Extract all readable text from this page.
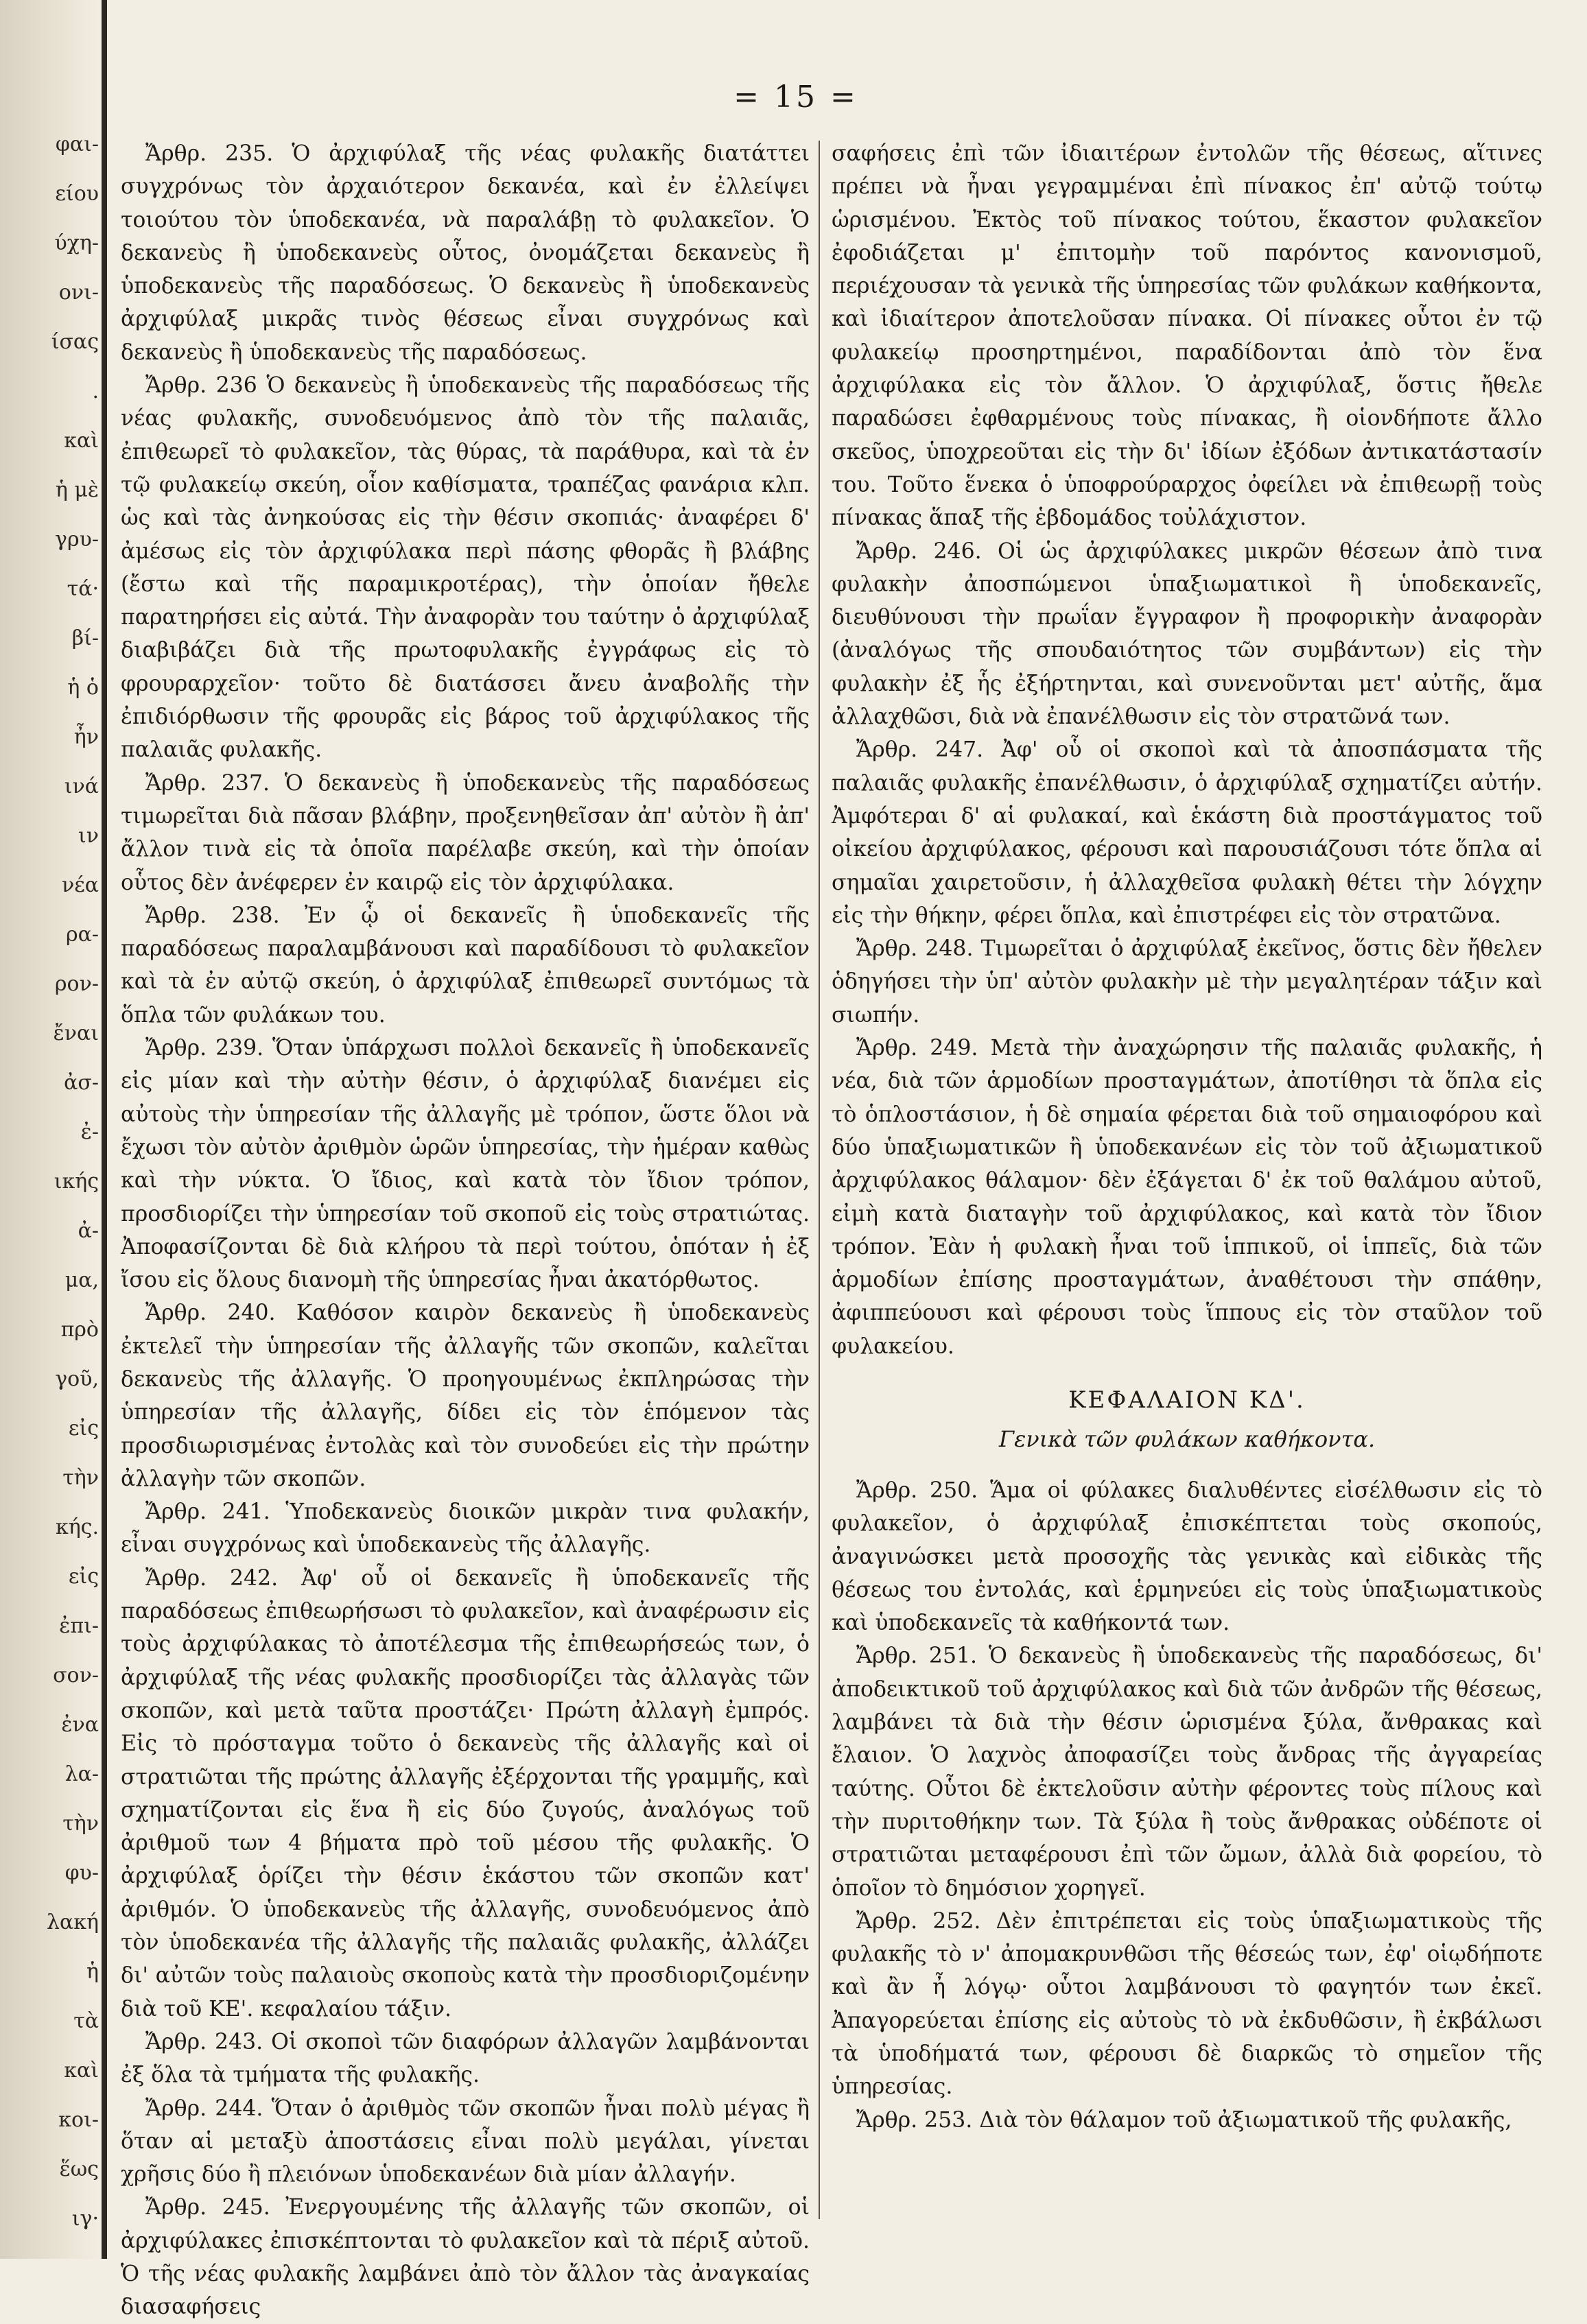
φαι-
είου
ύχη-
ονι-
ίσας
.
καὶ
ἡ μὲ
γρυ-
τά·
βί-
ἡ ὁ
ἦν
ινά
ιν
νέα
ρα-
ρον-
ἔναι
ἀσ-
ἐ-
ικής
ἀ-
μα,
πρὸ
γοῦ,
εἰς
τὴν
κής.
εἰς
ἐπι-
σον-
ἐνα
λα-
τὴν
φυ-
λακή
ἡ
τὰ
καὶ
κοι-
ἕως
ιγ·
= 15 =

Ἄρθρ. 235. Ὁ ἀρχιφύλαξ τῆς νέας φυλακῆς διατάττει συγχρόνως τὸν ἀρχαιότερον δεκανέα, καὶ ἐν ἐλλείψει τοιούτου τὸν ὑποδεκανέα, νὰ παραλάβῃ τὸ φυλακεῖον. Ὁ δεκανεὺς ἢ ὑποδεκανεὺς οὗτος, ὀνομάζεται δεκανεὺς ἢ ὑποδεκανεὺς τῆς παραδόσεως. Ὁ δεκανεὺς ἢ ὑποδεκανεὺς ἀρχιφύλαξ μικρᾶς τινὸς θέσεως εἶναι συγχρόνως καὶ δεκανεὺς ἢ ὑποδεκανεὺς τῆς παραδόσεως.

Ἄρθρ. 236 Ὁ δεκανεὺς ἢ ὑποδεκανεὺς τῆς παραδόσεως τῆς νέας φυλακῆς, συνοδευόμενος ἀπὸ τὸν τῆς παλαιᾶς, ἐπιθεωρεῖ τὸ φυλακεῖον, τὰς θύρας, τὰ παράθυρα, καὶ τὰ ἐν τῷ φυλακείῳ σκεύη, οἷον καθίσματα, τραπέζας φανάρια κλπ. ὡς καὶ τὰς ἀνηκούσας εἰς τὴν θέσιν σκοπιάς· ἀναφέρει δ' ἀμέσως εἰς τὸν ἀρχιφύλακα περὶ πάσης φθορᾶς ἢ βλάβης (ἔστω καὶ τῆς παραμικροτέρας), τὴν ὁποίαν ἤθελε παρατηρήσει εἰς αὐτά. Τὴν ἀναφορὰν του ταύτην ὁ ἀρχιφύλαξ διαβιβάζει διὰ τῆς πρωτοφυλακῆς ἐγγράφως εἰς τὸ φρουραρχεῖον· τοῦτο δὲ διατάσσει ἄνευ ἀναβολῆς τὴν ἐπιδιόρθωσιν τῆς φρουρᾶς εἰς βάρος τοῦ ἀρχιφύλακος τῆς παλαιᾶς φυλακῆς.

Ἄρθρ. 237. Ὁ δεκανεὺς ἢ ὑποδεκανεὺς τῆς παραδόσεως τιμωρεῖται διὰ πᾶσαν βλάβην, προξενηθεῖσαν ἀπ' αὐτὸν ἢ ἀπ' ἄλλον τινὰ εἰς τὰ ὁποῖα παρέλαβε σκεύη, καὶ τὴν ὁποίαν οὗτος δὲν ἀνέφερεν ἐν καιρῷ εἰς τὸν ἀρχιφύλακα.

Ἄρθρ. 238. Ἐν ᾧ οἱ δεκανεῖς ἢ ὑποδεκανεῖς τῆς παραδόσεως παραλαμβάνουσι καὶ παραδίδουσι τὸ φυλακεῖον καὶ τὰ ἐν αὐτῷ σκεύη, ὁ ἀρχιφύλαξ ἐπιθεωρεῖ συντόμως τὰ ὅπλα τῶν φυλάκων του.

Ἄρθρ. 239. Ὅταν ὑπάρχωσι πολλοὶ δεκανεῖς ἢ ὑποδεκανεῖς εἰς μίαν καὶ τὴν αὐτὴν θέσιν, ὁ ἀρχιφύλαξ διανέμει εἰς αὐτοὺς τὴν ὑπηρεσίαν τῆς ἀλλαγῆς μὲ τρόπον, ὥστε ὅλοι νὰ ἔχωσι τὸν αὐτὸν ἀριθμὸν ὡρῶν ὑπηρεσίας, τὴν ἡμέραν καθὼς καὶ τὴν νύκτα. Ὁ ἴδιος, καὶ κατὰ τὸν ἴδιον τρόπον, προσδιορίζει τὴν ὑπηρεσίαν τοῦ σκοποῦ εἰς τοὺς στρατιώτας. Ἀποφασίζονται δὲ διὰ κλήρου τὰ περὶ τούτου, ὁπόταν ἡ ἐξ ἴσου εἰς ὅλους διανομὴ τῆς ὑπηρεσίας ἦναι ἀκατόρθωτος.

Ἄρθρ. 240. Καθόσον καιρὸν δεκανεὺς ἢ ὑποδεκανεὺς ἐκτελεῖ τὴν ὑπηρεσίαν τῆς ἀλλαγῆς τῶν σκοπῶν, καλεῖται δεκανεὺς τῆς ἀλλαγῆς. Ὁ προηγουμένως ἐκπληρώσας τὴν ὑπηρεσίαν τῆς ἀλλαγῆς, δίδει εἰς τὸν ἑπόμενον τὰς προσδιωρισμένας ἐντολὰς καὶ τὸν συνοδεύει εἰς τὴν πρώτην ἀλλαγὴν τῶν σκοπῶν.

Ἄρθρ. 241. Ὑποδεκανεὺς διοικῶν μικρὰν τινα φυλακήν, εἶναι συγχρόνως καὶ ὑποδεκανεὺς τῆς ἀλλαγῆς.

Ἄρθρ. 242. Ἀφ' οὗ οἱ δεκανεῖς ἢ ὑποδεκανεῖς τῆς παραδόσεως ἐπιθεωρήσωσι τὸ φυλακεῖον, καὶ ἀναφέρωσιν εἰς τοὺς ἀρχιφύλακας τὸ ἀποτέλεσμα τῆς ἐπιθεωρήσεώς των, ὁ ἀρχιφύλαξ τῆς νέας φυλακῆς προσδιορίζει τὰς ἀλλαγὰς τῶν σκοπῶν, καὶ μετὰ ταῦτα προστάζει· Πρώτη ἀλλαγὴ ἐμπρός. Εἰς τὸ πρόσταγμα τοῦτο ὁ δεκανεὺς τῆς ἀλλαγῆς καὶ οἱ στρατιῶται τῆς πρώτης ἀλλαγῆς ἐξέρχονται τῆς γραμμῆς, καὶ σχηματίζονται εἰς ἕνα ἢ εἰς δύο ζυγούς, ἀναλόγως τοῦ ἀριθμοῦ των 4 βήματα πρὸ τοῦ μέσου τῆς φυλακῆς. Ὁ ἀρχιφύλαξ ὁρίζει τὴν θέσιν ἑκάστου τῶν σκοπῶν κατ' ἀριθμόν. Ὁ ὑποδεκανεὺς τῆς ἀλλαγῆς, συνοδευόμενος ἀπὸ τὸν ὑποδεκανέα τῆς ἀλλαγῆς τῆς παλαιᾶς φυλακῆς, ἀλλάζει δι' αὐτῶν τοὺς παλαιοὺς σκοποὺς κατὰ τὴν προσδιοριζομένην διὰ τοῦ ΚΕ'. κεφαλαίου τάξιν.

Ἄρθρ. 243. Οἱ σκοποὶ τῶν διαφόρων ἀλλαγῶν λαμβάνονται ἐξ ὅλα τὰ τμήματα τῆς φυλακῆς.

Ἄρθρ. 244. Ὅταν ὁ ἀριθμὸς τῶν σκοπῶν ἦναι πολὺ μέγας ἢ ὅταν αἱ μεταξὺ ἀποστάσεις εἶναι πολὺ μεγάλαι, γίνεται χρῆσις δύο ἢ πλειόνων ὑποδεκανέων διὰ μίαν ἀλλαγήν.

Ἄρθρ. 245. Ἐνεργουμένης τῆς ἀλλαγῆς τῶν σκοπῶν, οἱ ἀρχιφύλακες ἐπισκέπτονται τὸ φυλακεῖον καὶ τὰ πέριξ αὐτοῦ. Ὁ τῆς νέας φυλακῆς λαμβάνει ἀπὸ τὸν ἄλλον τὰς ἀναγκαίας διασαφήσεις

σαφήσεις ἐπὶ τῶν ἰδιαιτέρων ἐντολῶν τῆς θέσεως, αἵτινες πρέπει νὰ ἦναι γεγραμμέναι ἐπὶ πίνακος ἐπ' αὐτῷ τούτῳ ὡρισμένου. Ἐκτὸς τοῦ πίνακος τούτου, ἕκαστον φυλακεῖον ἐφοδιάζεται μ' ἐπιτομὴν τοῦ παρόντος κανονισμοῦ, περιέχουσαν τὰ γενικὰ τῆς ὑπηρεσίας τῶν φυλάκων καθήκοντα, καὶ ἰδιαίτερον ἀποτελοῦσαν πίνακα. Οἱ πίνακες οὗτοι ἐν τῷ φυλακείῳ προσηρτημένοι, παραδίδονται ἀπὸ τὸν ἕνα ἀρχιφύλακα εἰς τὸν ἄλλον. Ὁ ἀρχιφύλαξ, ὅστις ἤθελε παραδώσει ἐφθαρμένους τοὺς πίνακας, ἢ οἱονδήποτε ἄλλο σκεῦος, ὑποχρεοῦται εἰς τὴν δι' ἰδίων ἐξόδων ἀντικατάστασίν του. Τοῦτο ἕνεκα ὁ ὑποφρούραρχος ὀφείλει νὰ ἐπιθεωρῇ τοὺς πίνακας ἅπαξ τῆς ἑβδομάδος τοὐλάχιστον.

Ἄρθρ. 246. Οἱ ὡς ἀρχιφύλακες μικρῶν θέσεων ἀπὸ τινα φυλακὴν ἀποσπώμενοι ὑπαξιωματικοὶ ἢ ὑποδεκανεῖς, διευθύνουσι τὴν πρωΐαν ἔγγραφον ἢ προφορικὴν ἀναφορὰν (ἀναλόγως τῆς σπουδαιότητος τῶν συμβάντων) εἰς τὴν φυλακὴν ἐξ ἧς ἐξήρτηνται, καὶ συνενοῦνται μετ' αὐτῆς, ἅμα ἀλλαχθῶσι, διὰ νὰ ἐπανέλθωσιν εἰς τὸν στρατῶνά των.

Ἄρθρ. 247. Ἀφ' οὗ οἱ σκοποὶ καὶ τὰ ἀποσπάσματα τῆς παλαιᾶς φυλακῆς ἐπανέλθωσιν, ὁ ἀρχιφύλαξ σχηματίζει αὐτήν. Ἀμφότεραι δ' αἱ φυλακαί, καὶ ἑκάστη διὰ προστάγματος τοῦ οἰκείου ἀρχιφύλακος, φέρουσι καὶ παρουσιάζουσι τότε ὅπλα αἱ σημαῖαι χαιρετοῦσιν, ἡ ἀλλαχθεῖσα φυλακὴ θέτει τὴν λόγχην εἰς τὴν θήκην, φέρει ὅπλα, καὶ ἐπιστρέφει εἰς τὸν στρατῶνα.

Ἄρθρ. 248. Τιμωρεῖται ὁ ἀρχιφύλαξ ἐκεῖνος, ὅστις δὲν ἤθελεν ὁδηγήσει τὴν ὑπ' αὐτὸν φυλακὴν μὲ τὴν μεγαλητέραν τάξιν καὶ σιωπήν.

Ἄρθρ. 249. Μετὰ τὴν ἀναχώρησιν τῆς παλαιᾶς φυλακῆς, ἡ νέα, διὰ τῶν ἁρμοδίων προσταγμάτων, ἀποτίθησι τὰ ὅπλα εἰς τὸ ὁπλοστάσιον, ἡ δὲ σημαία φέρεται διὰ τοῦ σημαιοφόρου καὶ δύο ὑπαξιωματικῶν ἢ ὑποδεκανέων εἰς τὸν τοῦ ἀξιωματικοῦ ἀρχιφύλακος θάλαμον· δὲν ἐξάγεται δ' ἐκ τοῦ θαλάμου αὐτοῦ, εἰμὴ κατὰ διαταγὴν τοῦ ἀρχιφύλακος, καὶ κατὰ τὸν ἴδιον τρόπον. Ἐὰν ἡ φυλακὴ ἦναι τοῦ ἱππικοῦ, οἱ ἱππεῖς, διὰ τῶν ἁρμοδίων ἐπίσης προσταγμάτων, ἀναθέτουσι τὴν σπάθην, ἀφιππεύουσι καὶ φέρουσι τοὺς ἵππους εἰς τὸν σταῦλον τοῦ φυλακείου.

ΚΕΦΑΛΑΙΟΝ ΚΔ'.
Γενικὰ τῶν φυλάκων καθήκοντα.

Ἄρθρ. 250. Ἅμα οἱ φύλακες διαλυθέντες εἰσέλθωσιν εἰς τὸ φυλακεῖον, ὁ ἀρχιφύλαξ ἐπισκέπτεται τοὺς σκοπούς, ἀναγινώσκει μετὰ προσοχῆς τὰς γενικὰς καὶ εἰδικὰς τῆς θέσεως του ἐντολάς, καὶ ἑρμηνεύει εἰς τοὺς ὑπαξιωματικοὺς καὶ ὑποδεκανεῖς τὰ καθήκοντά των.

Ἄρθρ. 251. Ὁ δεκανεὺς ἢ ὑποδεκανεὺς τῆς παραδόσεως, δι' ἀποδεικτικοῦ τοῦ ἀρχιφύλακος καὶ διὰ τῶν ἀνδρῶν τῆς θέσεως, λαμβάνει τὰ διὰ τὴν θέσιν ὡρισμένα ξύλα, ἄνθρακας καὶ ἔλαιον. Ὁ λαχνὸς ἀποφασίζει τοὺς ἄνδρας τῆς ἀγγαρείας ταύτης. Οὗτοι δὲ ἐκτελοῦσιν αὐτὴν φέροντες τοὺς πίλους καὶ τὴν πυριτοθήκην των. Τὰ ξύλα ἢ τοὺς ἄνθρακας οὐδέποτε οἱ στρατιῶται μεταφέρουσι ἐπὶ τῶν ὤμων, ἀλλὰ διὰ φορείου, τὸ ὁποῖον τὸ δημόσιον χορηγεῖ.

Ἄρθρ. 252. Δὲν ἐπιτρέπεται εἰς τοὺς ὑπαξιωματικοὺς τῆς φυλακῆς τὸ ν' ἀπομακρυνθῶσι τῆς θέσεώς των, ἐφ' οἱῳδήποτε καὶ ἂν ἦ λόγῳ· οὗτοι λαμβάνουσι τὸ φαγητόν των ἐκεῖ. Ἀπαγορεύεται ἐπίσης εἰς αὐτοὺς τὸ νὰ ἐκδυθῶσιν, ἢ ἐκβάλωσι τὰ ὑποδήματά των, φέρουσι δὲ διαρκῶς τὸ σημεῖον τῆς ὑπηρεσίας.

Ἄρθρ. 253. Διὰ τὸν θάλαμον τοῦ ἀξιωματικοῦ τῆς φυλακῆς,
